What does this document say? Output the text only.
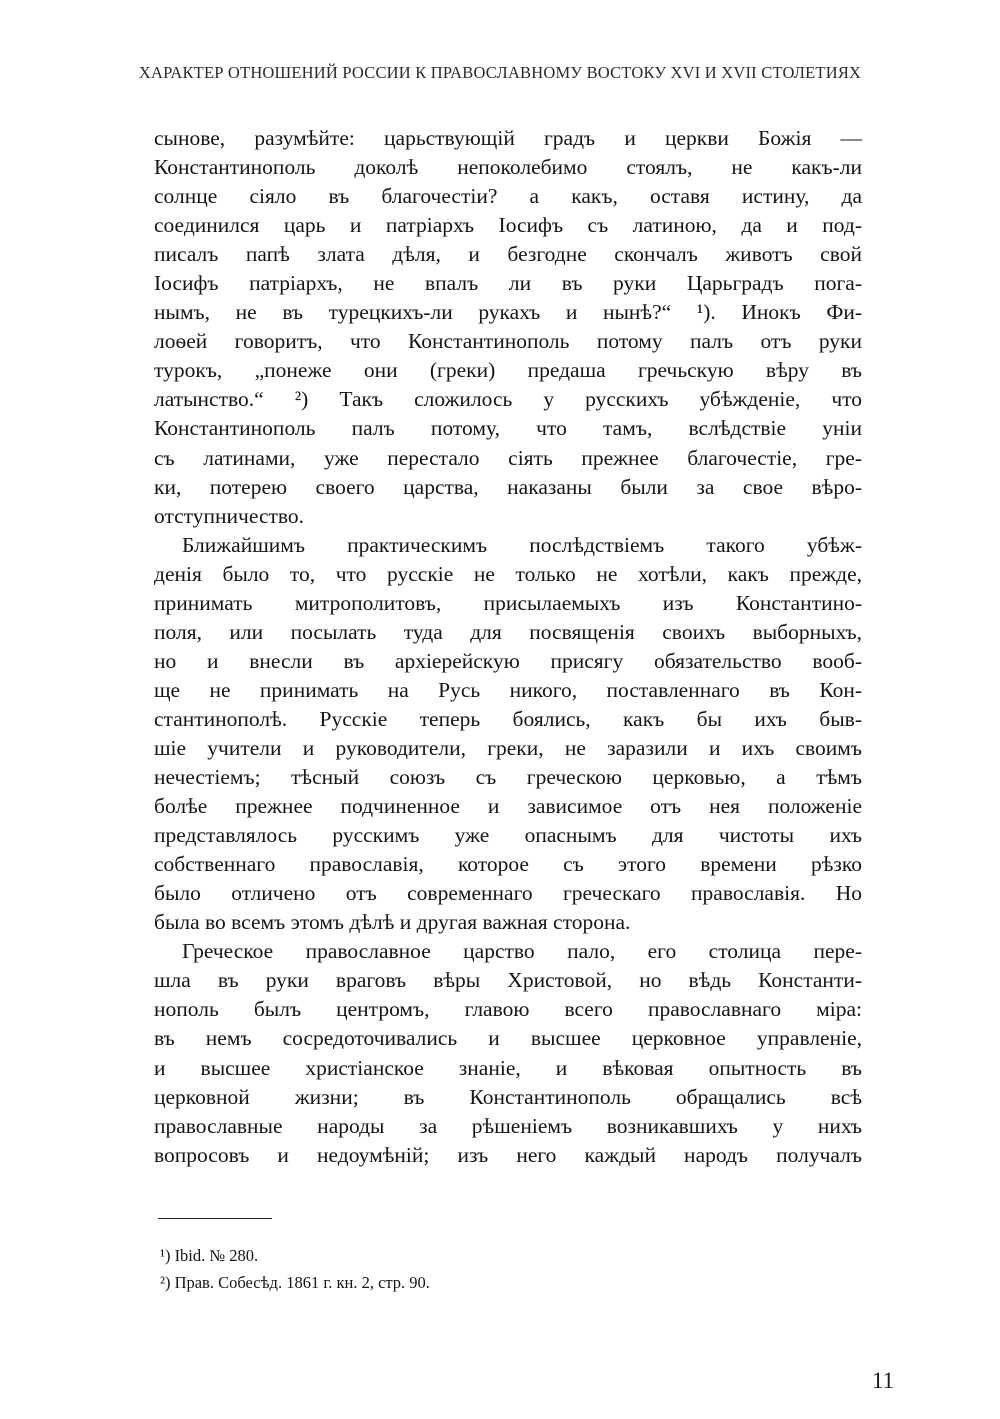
ХАРАКТЕР ОТНОШЕНИЙ РОССИИ К ПРАВОСЛАВНОМУ ВОСТОКУ XVI И XVII СТОЛЕТИЯХ
сынове, разумѣйте: царьствующій градъ и церкви Божія —
Константинополь доколѣ непоколебимо стоялъ, не какъ-ли
солнце сіяло въ благочестіи? а какъ, оставя истину, да
соединился царь и патріархъ Іосифъ съ латиною, да и под-
писалъ папѣ злата дѣля, и безгодне скончалъ животъ свой
Іосифъ патріархъ, не впалъ ли въ руки Царьградъ пога-
нымъ, не въ турецкихъ-ли рукахъ и нынѣ?“ ¹). Инокъ Фи-
лоѳей говоритъ, что Константинополь потому палъ отъ руки
турокъ, „понеже они (греки) предаша гречьскую вѣру въ
латынство.“ ²) Такъ сложилось у русскихъ убѣжденіе, что
Константинополь палъ потому, что тамъ, вслѣдствіе уніи
съ латинами, уже перестало сіять прежнее благочестіе, гре-
ки, потерею своего царства, наказаны были за свое вѣро-
отступничество.
Ближайшимъ практическимъ послѣдствіемъ такого убѣж-
денія было то, что русскіе не только не хотѣли, какъ прежде,
принимать митрополитовъ, присылаемыхъ изъ Константино-
поля, или посылать туда для посвященія своихъ выборныхъ,
но и внесли въ архіерейскую присягу обязательство вооб-
ще не принимать на Русь никого, поставленнаго въ Кон-
стантинополѣ. Русскіе теперь боялись, какъ бы ихъ быв-
шіе учители и руководители, греки, не заразили и ихъ своимъ
нечестіемъ; тѣсный союзъ съ греческою церковью, а тѣмъ
болѣе прежнее подчиненное и зависимое отъ нея положеніе
представлялось русскимъ уже опаснымъ для чистоты ихъ
собственнаго православія, которое съ этого времени рѣзко
было отличено отъ современнаго греческаго православія. Но
была во всемъ этомъ дѣлѣ и другая важная сторона.
Греческое православное царство пало, его столица пере-
шла въ руки враговъ вѣры Христовой, но вѣдь Константи-
нополь былъ центромъ, главою всего православнаго міра:
въ немъ сосредоточивались и высшее церковное управленіе,
и высшее христіанское знаніе, и вѣковая опытность въ
церковной жизни; въ Константинополь обращались всѣ
православные народы за рѣшеніемъ возникавшихъ у нихъ
вопросовъ и недоумѣній; изъ него каждый народъ получалъ
¹) Ibid. № 280.
²) Прав. Собесѣд. 1861 г. кн. 2, стр. 90.
11
